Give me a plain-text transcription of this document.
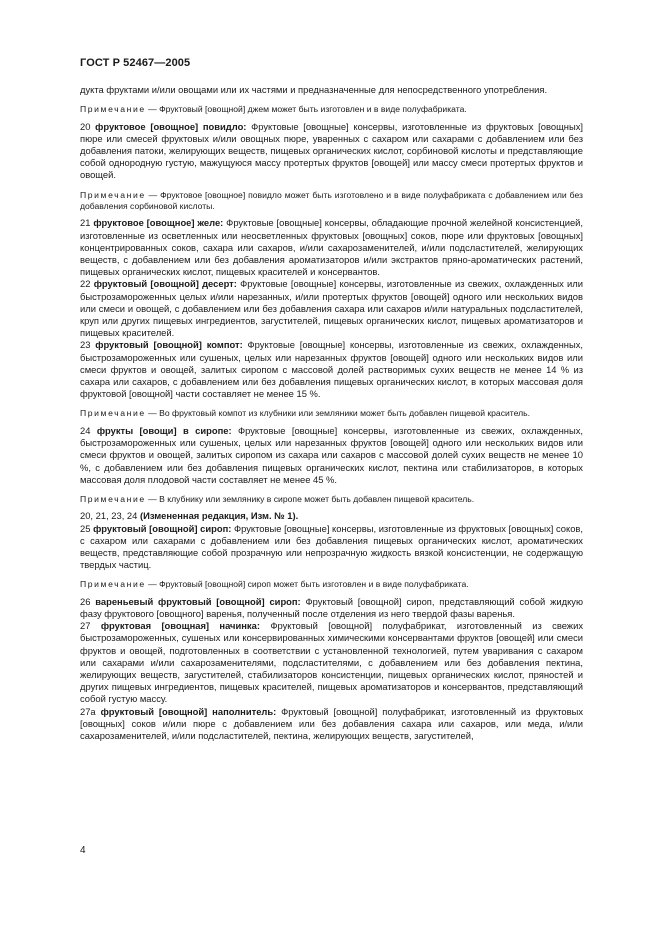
ГОСТ Р 52467—2005

дукта фруктами и/или овощами или их частями и предназначенные для непосредственного употребления.

Примечание — Фруктовый [овощной] джем может быть изготовлен и в виде полуфабриката.

20 фруктовое [овощное] повидло: Фруктовые [овощные] консервы, изготовленные из фруктовых [овощных] пюре или смесей фруктовых и/или овощных пюре, уваренных с сахаром или сахарами с добавлением или без добавления патоки, желирующих веществ, пищевых органических кислот, сорбиновой кислоты и представляющие собой однородную густую, мажущуюся массу протертых фруктов [овощей] или массу смеси протертых фруктов и овощей.

Примечание — Фруктовое [овощное] повидло может быть изготовлено и в виде полуфабриката с добавлением или без добавления сорбиновой кислоты.

21 фруктовое [овощное] желе: Фруктовые [овощные] консервы, обладающие прочной желейной консистенцией, изготовленные из осветленных или неосветленных фруктовых [овощных] соков, пюре или фруктовых [овощных] концентрированных соков, сахара или сахаров, и/или сахарозаменителей, и/или подсластителей, желирующих веществ, с добавлением или без добавления ароматизаторов и/или экстрактов пряно-ароматических растений, пищевых органических кислот, пищевых красителей и консервантов.

22 фруктовый [овощной] десерт: Фруктовые [овощные] консервы, изготовленные из свежих, охлажденных или быстрозамороженных целых и/или нарезанных, и/или протертых фруктов [овощей] одного или нескольких видов или смеси и овощей, с добавлением или без добавления сахара или сахаров и/или натуральных подсластителей, круп или других пищевых ингредиентов, загустителей, пищевых органических кислот, пищевых ароматизаторов и пищевых красителей.

23 фруктовый [овощной] компот: Фруктовые [овощные] консервы, изготовленные из свежих, охлажденных, быстрозамороженных или сушеных, целых или нарезанных фруктов [овощей] одного или нескольких видов или смеси фруктов и овощей, залитых сиропом с массовой долей растворимых сухих веществ не менее 14 % из сахара или сахаров, с добавлением или без добавления пищевых органических кислот, в которых массовая доля фруктовой [овощной] части составляет не менее 15 %.

Примечание — Во фруктовый компот из клубники или земляники может быть добавлен пищевой краситель.

24 фрукты [овощи] в сиропе: Фруктовые [овощные] консервы, изготовленные из свежих, охлажденных, быстрозамороженных или сушеных, целых или нарезанных фруктов [овощей] одного или нескольких видов или смеси фруктов и овощей, залитых сиропом из сахара или сахаров с массовой долей сухих веществ не менее 10 %, с добавлением или без добавления пищевых органических кислот, пектина или стабилизаторов, в которых массовая доля плодовой части составляет не менее 45 %.

Примечание — В клубнику или землянику в сиропе может быть добавлен пищевой краситель.

20, 21, 23, 24 (Измененная редакция, Изм. № 1).

25 фруктовый [овощной] сироп: Фруктовые [овощные] консервы, изготовленные из фруктовых [овощных] соков, с сахаром или сахарами с добавлением или без добавления пищевых органических кислот, ароматических веществ, представляющие собой прозрачную или непрозрачную жидкость вязкой консистенции, не содержащую твердых частиц.

Примечание — Фруктовый [овощной] сироп может быть изготовлен и в виде полуфабриката.

26 вареньевый фруктовый [овощной] сироп: Фруктовый [овощной] сироп, представляющий собой жидкую фазу фруктового [овощного] варенья, полученный после отделения из него твердой фазы варенья.

27 фруктовая [овощная] начинка: Фруктовый [овощной] полуфабрикат, изготовленный из свежих быстрозамороженных, сушеных или консервированных химическими консервантами фруктов [овощей] или смеси фруктов и овощей, подготовленных в соответствии с установленной технологией, путем уваривания с сахаром или сахарами и/или сахарозаменителями, подсластителями, с добавлением или без добавления пектина, желирующих веществ, загустителей, стабилизаторов консистенции, пищевых органических кислот, пряностей и других пищевых ингредиентов, пищевых красителей, пищевых ароматизаторов и консервантов, представляющий собой густую массу.

27а фруктовый [овощной] наполнитель: Фруктовый [овощной] полуфабрикат, изготовленный из фруктовых [овощных] соков и/или пюре с добавлением или без добавления сахара или сахаров, или меда, и/или сахарозаменителей, и/или подсластителей, пектина, желирующих веществ, загустителей,

4
